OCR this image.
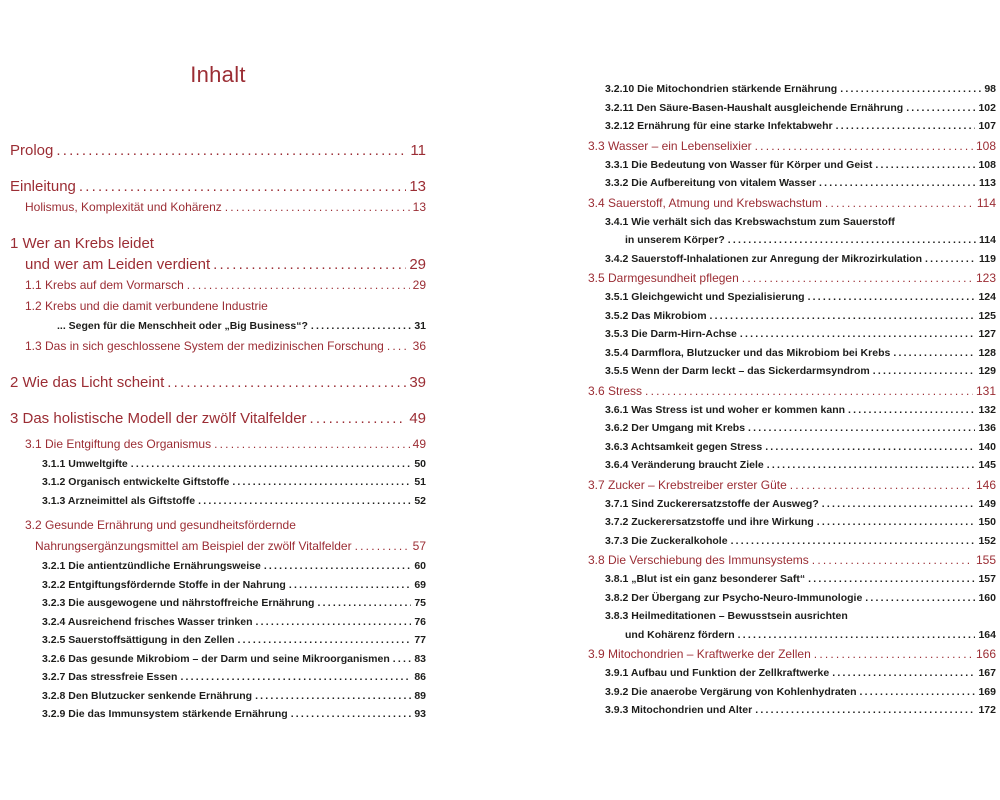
Inhalt
Prolog .....	11
Einleitung .....	13
Holismus, Komplexität und Kohärenz .....	13
1 Wer an Krebs leidet
und wer am Leiden verdient .....	29
1.1 Krebs auf dem Vormarsch .....	29
1.2 Krebs und die damit verbundene Industrie
... Segen für die Menschheit oder „Big Business“? .....	31
1.3 Das in sich geschlossene System der medizinischen Forschung ..... 36
2 Wie das Licht scheint .....	39
3 Das holistische Modell der zwölf Vitalfelder .....	49
3.1 Die Entgiftung des Organismus .....	49
3.1.1 Umweltgifte .....	50
3.1.2 Organisch entwickelte Giftstoffe .....	51
3.1.3 Arzneimittel als Giftstoffe .....	52
3.2 Gesunde Ernährung und gesundheitsfördernde
Nahrungsergänzungsmittel am Beispiel der zwölf Vitalfelder .....	57
3.2.1 Die antientzündliche Ernährungsweise .....	60
3.2.2 Entgiftungsfördernde Stoffe in der Nahrung .....	69
3.2.3 Die ausgewogene und nährstoffreiche Ernährung .....	75
3.2.4 Ausreichend frisches Wasser trinken .....	76
3.2.5 Sauerstoffsättigung in den Zellen .....	77
3.2.6 Das gesunde Mikrobiom – der Darm und seine Mikroorganismen ..... 83
3.2.7 Das stressfreie Essen .....	86
3.2.8 Den Blutzucker senkende Ernährung .....	89
3.2.9 Die das Immunsystem stärkende Ernährung .....	93
3.2.10 Die Mitochondrien stärkende Ernährung .....	98
3.2.11 Den Säure-Basen-Haushalt ausgleichende Ernährung .....	102
3.2.12 Ernährung für eine starke Infektabwehr .....	107
3.3 Wasser – ein Lebenselixier .....	108
3.3.1 Die Bedeutung von Wasser für Körper und Geist .....	108
3.3.2 Die Aufbereitung von vitalem Wasser .....	113
3.4 Sauerstoff, Atmung und Krebswachstum .....	114
3.4.1 Wie verhält sich das Krebswachstum zum Sauerstoff
in unserem Körper? .....	114
3.4.2 Sauerstoff-Inhalationen zur Anregung der Mikrozirkulation .....	119
3.5 Darmgesundheit pflegen .....	123
3.5.1 Gleichgewicht und Spezialisierung .....	124
3.5.2 Das Mikrobiom .....	125
3.5.3 Die Darm-Hirn-Achse .....	127
3.5.4 Darmflora, Blutzucker und das Mikrobiom bei Krebs .....	128
3.5.5 Wenn der Darm leckt – das Sickerdarmsyndrom .....	129
3.6 Stress .....	131
3.6.1 Was Stress ist und woher er kommen kann .....	132
3.6.2 Der Umgang mit Krebs .....	136
3.6.3 Achtsamkeit gegen Stress .....	140
3.6.4 Veränderung braucht Ziele .....	145
3.7 Zucker – Krebstreiber erster Güte .....	146
3.7.1 Sind Zuckerersatzstoffe der Ausweg? .....	149
3.7.2 Zuckerersatzstoffe und ihre Wirkung .....	150
3.7.3 Die Zuckeralkohole .....	152
3.8 Die Verschiebung des Immunsystems .....	155
3.8.1 „Blut ist ein ganz besonderer Saft“ .....	157
3.8.2 Der Übergang zur Psycho-Neuro-Immunologie .....	160
3.8.3 Heilmeditationen – Bewusstsein ausrichten
und Kohärenz fördern .....	164
3.9 Mitochondrien – Kraftwerke der Zellen .....	166
3.9.1 Aufbau und Funktion der Zellkraftwerke .....	167
3.9.2 Die anaerobe Vergärung von Kohlenhydraten .....	169
3.9.3 Mitochondrien und Alter .....	172
